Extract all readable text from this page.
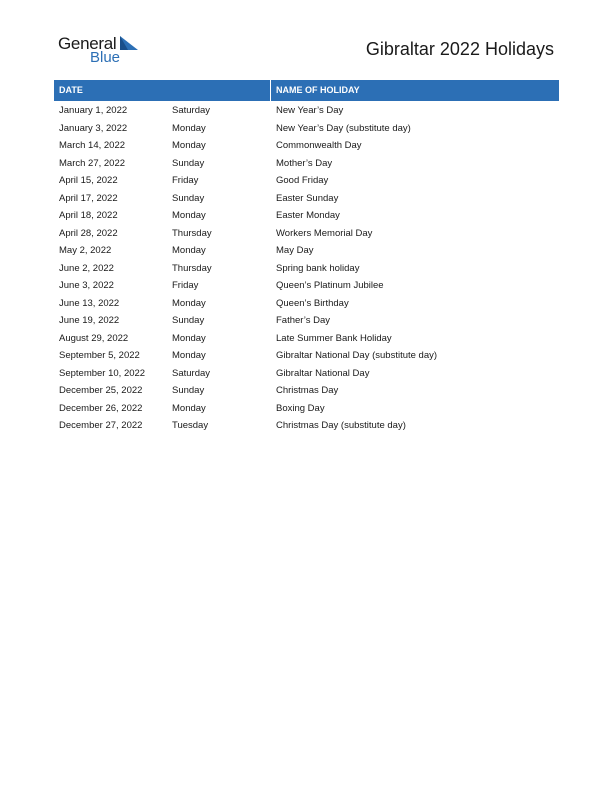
General
Blue	Gibraltar 2022 Holidays
DATE	NAME OF HOLIDAY
January 1, 2022	Saturday	New Year’s Day
January 3, 2022	Monday	New Year’s Day (substitute day)
March 14, 2022	Monday	Commonwealth Day
March 27, 2022	Sunday	Mother’s Day
April 15, 2022	Friday	Good Friday
April 17, 2022	Sunday	Easter Sunday
April 18, 2022	Monday	Easter Monday
April 28, 2022	Thursday	Workers Memorial Day
May 2, 2022	Monday	May Day
June 2, 2022	Thursday	Spring bank holiday
June 3, 2022	Friday	Queen’s Platinum Jubilee
June 13, 2022	Monday	Queen’s Birthday
June 19, 2022	Sunday	Father’s Day
August 29, 2022	Monday	Late Summer Bank Holiday
September 5, 2022	Monday	Gibraltar National Day (substitute day)
September 10, 2022	Saturday	Gibraltar National Day
December 25, 2022	Sunday	Christmas Day
December 26, 2022	Monday	Boxing Day
December 27, 2022	Tuesday	Christmas Day (substitute day)
